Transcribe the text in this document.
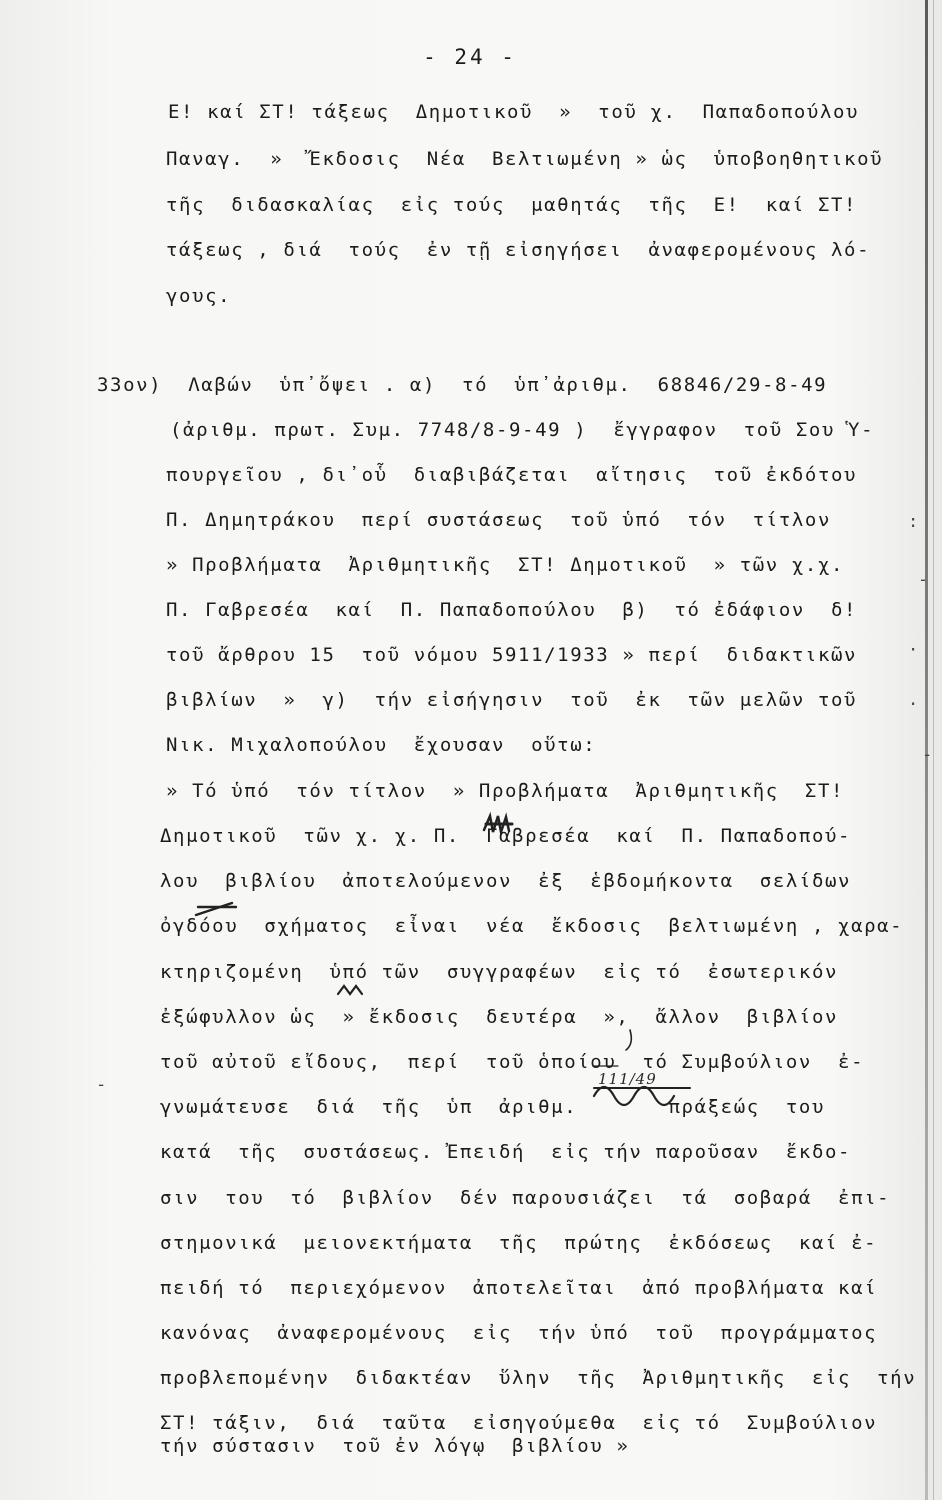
- 24 -
Ε! καί ΣΤ! τάξεως  Δημοτικοῦ  »  τοῦ χ.  Παπαδοπούλου
Παναγ.  »  Ἔκδοσις  Νέα  Βελτιωμένη » ὡς  ὑποβοηθητικοῦ
τῆς  διδασκαλίας  εἰς τούς  μαθητάς  τῆς  Ε!  καί ΣΤ!
τάξεως , διά  τούς  ἐν τῇ εἰσηγήσει  ἀναφερομένους λό-
γους.
33ον)  Λαβών  ὑπ᾽ὄψει . α)  τό  ὑπ᾽ἀριθμ.  68846/29-8-49
(ἀριθμ. πρωτ. Συμ. 7748/8-9-49 )  ἔγγραφον  τοῦ Σου Ὑ-
πουργεῖου , δι᾽οὗ  διαβιβάζεται  αἴτησις  τοῦ ἐκδότου
Π. Δημητράκου  περί συστάσεως  τοῦ ὑπό  τόν  τίτλον
» Προβλήματα  Ἀριθμητικῆς  ΣΤ! Δημοτικοῦ  » τῶν χ.χ.
Π. Γαβρεσέα  καί  Π. Παπαδοπούλου  β)  τό ἐδάφιον  δ!
τοῦ ἄρθρου 15  τοῦ νόμου 5911/1933 » περί  διδακτικῶν
βιβλίων  »  γ)  τήν εἰσήγησιν  τοῦ  ἐκ  τῶν μελῶν τοῦ
Νικ. Μιχαλοπούλου  ἔχουσαν  οὕτω:
» Τό ὑπό  τόν τίτλον  » Προβλήματα  Ἀριθμητικῆς  ΣΤ!
Δημοτικοῦ  τῶν χ. χ. Π.  Γαβρεσέα  καί  Π. Παπαδοπού-
λου  βιβλίου  ἀποτελούμενον  ἐξ  ἑβδομήκοντα  σελίδων
ὀγδόου  σχήματος  εἶναι  νέα  ἔκδοσις  βελτιωμένη , χαρα-
κτηριζομένη  ὑπό τῶν  συγγραφέων  εἰς τό  ἐσωτερικόν
ἐξώφυλλον ὡς  » ἔκδοσις  δευτέρα  »,  ἄλλον  βιβλίον
τοῦ αὐτοῦ εἴδους,  περί  τοῦ ὁποίου  τό Συμβούλιον  ἐ-
γνωμάτευσε  διά  τῆς  ὑπ  ἀριθμ.       πράξεώς  του
κατά  τῆς  συστάσεως. Ἐπειδή  εἰς τήν παροῦσαν  ἔκδο-
σιν  του  τό  βιβλίον  δέν παρουσιάζει  τά  σοβαρά  ἐπι-
στημονικά  μειονεκτήματα  τῆς  πρώτης  ἐκδόσεως  καί ἐ-
πειδή τό  περιεχόμενον  ἀποτελεῖται  ἀπό προβλήματα καί
κανόνας  ἀναφερομένους  εἰς  τήν ὑπό  τοῦ  προγράμματος
προβλεπομένην  διδακτέαν  ὕλην  τῆς  Ἀριθμητικῆς  εἰς  τήν
ΣΤ! τάξιν,  διά  ταῦτα  εἰσηγούμεθα  εἰς τό  Συμβούλιον
τήν σύστασιν  τοῦ ἐν λόγῳ  βιβλίου »
111/49
:
-
·
.
-
-
